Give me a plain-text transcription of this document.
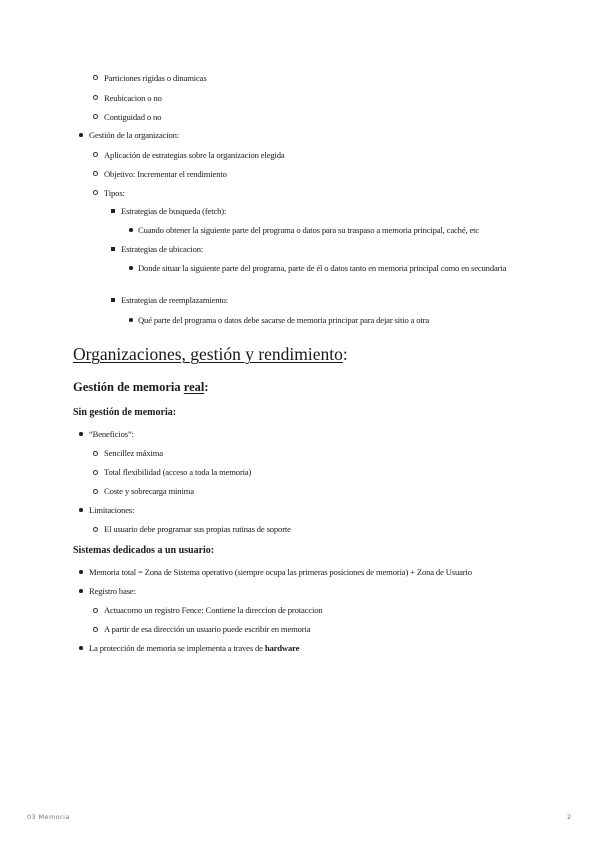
Particiones rigidas o dinamicas
Reubicacion o no
Contiguidad o no
Gestión de la organizacion:
Aplicación de estrategias sobre la organizacion elegida
Objetivo: Incrementar el rendimiento
Tipos:
Estrategias de busqueda (fetch):
Cuando obtener la siguiente parte del programa o datos para su traspaso a memoria principal, caché, etc
Estrategias de ubicacion:
Donde situar la siguiente parte del programa, parte de él o datos tanto en memoria principal como en secundaria
Estrategias de reemplazamiento:
Qué parte del programa o datos debe sacarse de memoria principar para dejar sitio a otra
Organizaciones, gestión y rendimiento:
Gestión de memoria real:
Sin gestión de memoria:
“Beneficios”:
Sencillez máxima
Total flexibilidad (acceso a toda la memoria)
Coste y sobrecarga minima
Limitaciones:
El usuario debe programar sus propias rutinas de soporte
Sistemas dedicados a un usuario:
Memoria total = Zona de Sistema operativo (siempre ocupa las primeras posiciones de memoria) + Zona de Usuario
Registro base:
Actuacomo un registro Fence: Contiene la direccion de protaccion
A partir de esa dirección un usuario puede escribir en memoria
La protección de memoria se implementa a traves de hardware
03 Memoria	2
